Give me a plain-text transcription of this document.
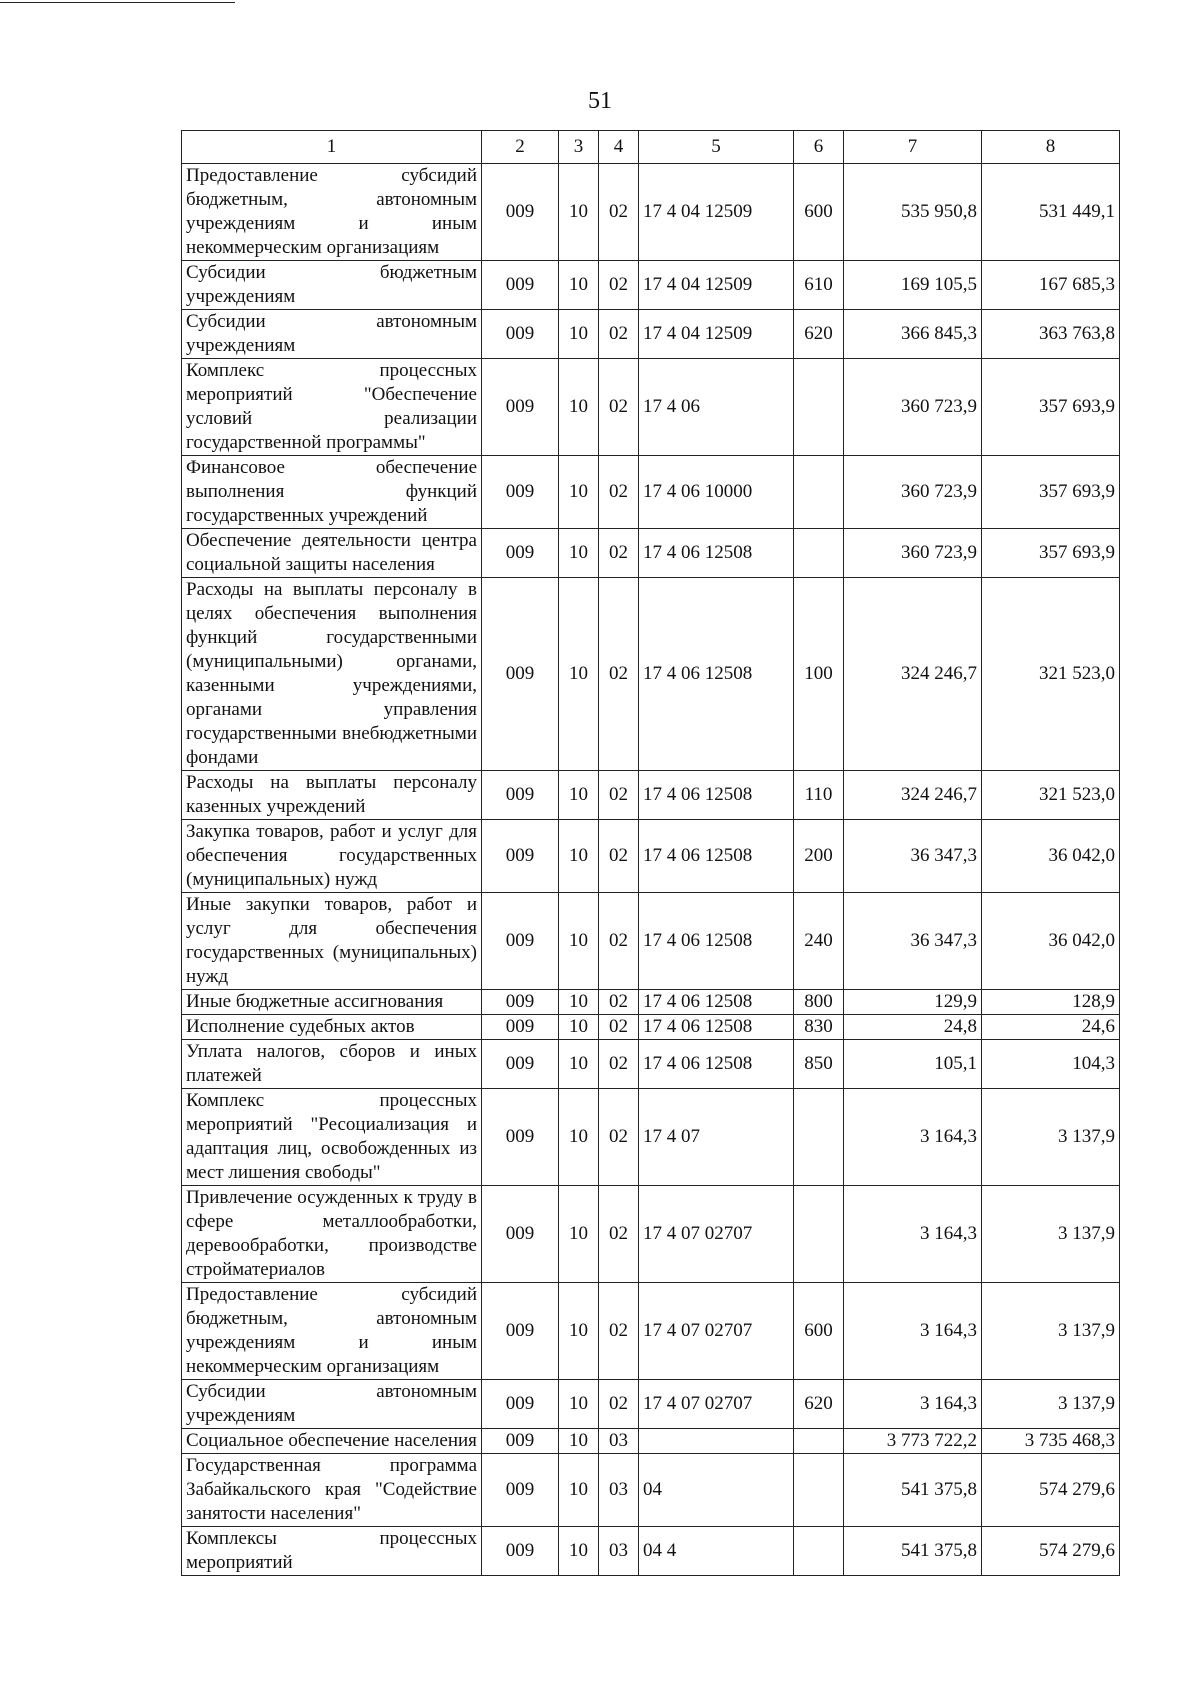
51
1	2	3	4	5	6	7	8
Предоставление субсидий бюджетным, автономным учреждениям и иным некоммерческим организациям	009	10	02	17 4 04 12509	600	535 950,8	531 449,1
Субсидии бюджетным учреждениям	009	10	02	17 4 04 12509	610	169 105,5	167 685,3
Субсидии автономным учреждениям	009	10	02	17 4 04 12509	620	366 845,3	363 763,8
Комплекс процессных мероприятий "Обеспечение условий реализации государственной программы"	009	10	02	17 4 06		360 723,9	357 693,9
Финансовое обеспечение выполнения функций государственных учреждений	009	10	02	17 4 06 10000		360 723,9	357 693,9
Обеспечение деятельности центра социальной защиты населения	009	10	02	17 4 06 12508		360 723,9	357 693,9
Расходы на выплаты персоналу в целях обеспечения выполнения функций государственными (муниципальными) органами, казенными учреждениями, органами управления государственными внебюджетными фондами	009	10	02	17 4 06 12508	100	324 246,7	321 523,0
Расходы на выплаты персоналу казенных учреждений	009	10	02	17 4 06 12508	110	324 246,7	321 523,0
Закупка товаров, работ и услуг для обеспечения государственных (муниципальных) нужд	009	10	02	17 4 06 12508	200	36 347,3	36 042,0
Иные закупки товаров, работ и услуг для обеспечения государственных (муниципальных) нужд	009	10	02	17 4 06 12508	240	36 347,3	36 042,0
Иные бюджетные ассигнования	009	10	02	17 4 06 12508	800	129,9	128,9
Исполнение судебных актов	009	10	02	17 4 06 12508	830	24,8	24,6
Уплата налогов, сборов и иных платежей	009	10	02	17 4 06 12508	850	105,1	104,3
Комплекс процессных мероприятий "Ресоциализация и адаптация лиц, освобожденных из мест лишения свободы"	009	10	02	17 4 07		3 164,3	3 137,9
Привлечение осужденных к труду в сфере металлообработки, деревообработки, производстве стройматериалов	009	10	02	17 4 07 02707		3 164,3	3 137,9
Предоставление субсидий бюджетным, автономным учреждениям и иным некоммерческим организациям	009	10	02	17 4 07 02707	600	3 164,3	3 137,9
Субсидии автономным учреждениям	009	10	02	17 4 07 02707	620	3 164,3	3 137,9
Социальное обеспечение населения	009	10	03			3 773 722,2	3 735 468,3
Государственная программа Забайкальского края "Содействие занятости населения"	009	10	03	04		541 375,8	574 279,6
Комплексы процессных мероприятий	009	10	03	04 4		541 375,8	574 279,6
